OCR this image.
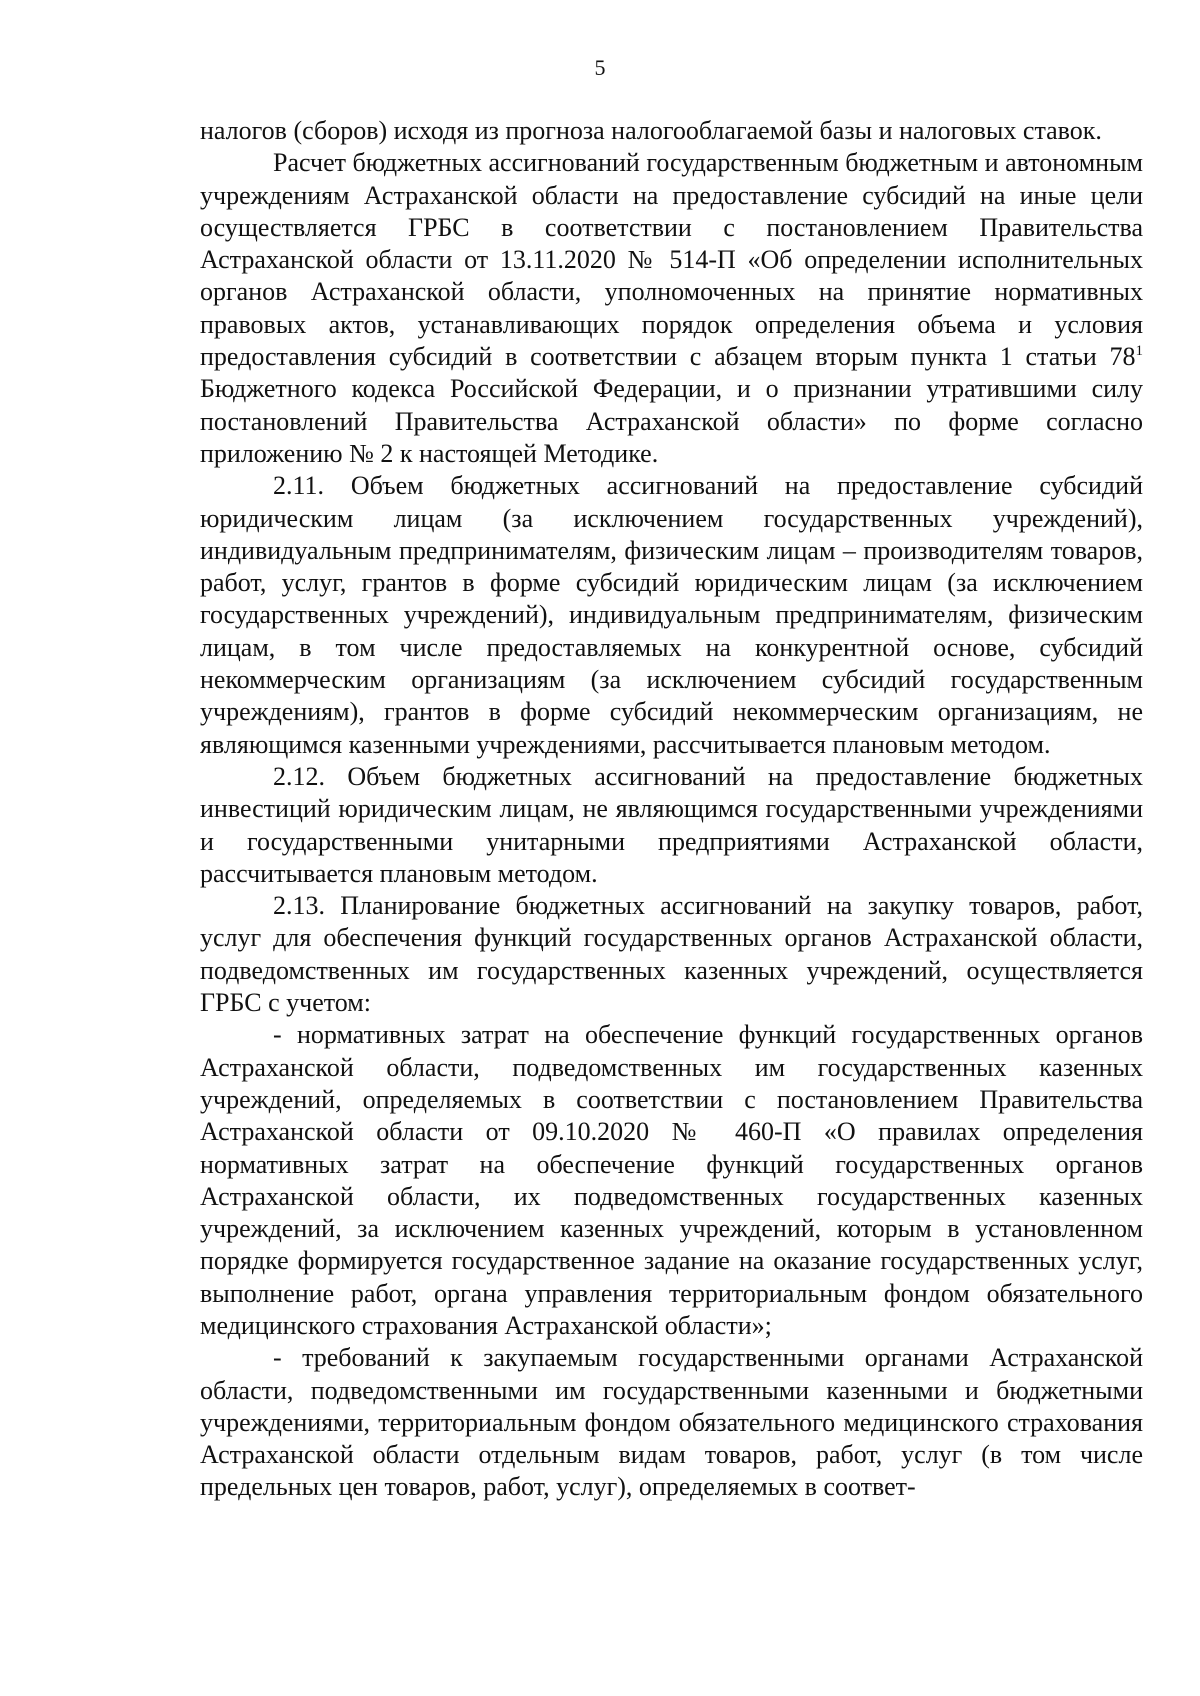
5

налогов (сборов) исходя из прогноза налогооблагаемой базы и налоговых ставок.

Расчет бюджетных ассигнований государственным бюджетным и автономным учреждениям Астраханской области на предоставление субсидий на иные цели осуществляется ГРБС в соответствии с постановлением Правительства Астраханской области от 13.11.2020 № 514-П «Об определении исполнительных органов Астраханской области, уполномоченных на принятие нормативных правовых актов, устанавливающих порядок определения объема и условия предоставления субсидий в соответствии с абзацем вторым пункта 1 статьи $78^1$ Бюджетного кодекса Российской Федерации, и о признании утратившими силу постановлений Правительства Астраханской области» по форме согласно приложению № 2 к настоящей Методике.

2.11. Объем бюджетных ассигнований на предоставление субсидий юридическим лицам (за исключением государственных учреждений), индивидуальным предпринимателям, физическим лицам – производителям товаров, работ, услуг, грантов в форме субсидий юридическим лицам (за исключением государственных учреждений), индивидуальным предпринимателям, физическим лицам, в том числе предоставляемых на конкурентной основе, субсидий некоммерческим организациям (за исключением субсидий государственным учреждениям), грантов в форме субсидий некоммерческим организациям, не являющимся казенными учреждениями, рассчитывается плановым методом.

2.12. Объем бюджетных ассигнований на предоставление бюджетных инвестиций юридическим лицам, не являющимся государственными учреждениями и государственными унитарными предприятиями Астраханской области, рассчитывается плановым методом.

2.13. Планирование бюджетных ассигнований на закупку товаров, работ, услуг для обеспечения функций государственных органов Астраханской области, подведомственных им государственных казенных учреждений, осуществляется ГРБС с учетом:

- нормативных затрат на обеспечение функций государственных органов Астраханской области, подведомственных им государственных казенных учреждений, определяемых в соответствии с постановлением Правительства Астраханской области от 09.10.2020 № 460-П «О правилах определения нормативных затрат на обеспечение функций государственных органов Астраханской области, их подведомственных государственных казенных учреждений, за исключением казенных учреждений, которым в установленном порядке формируется государственное задание на оказание государственных услуг, выполнение работ, органа управления территориальным фондом обязательного медицинского страхования Астраханской области»;

- требований к закупаемым государственными органами Астраханской области, подведомственными им государственными казенными и бюджетными учреждениями, территориальным фондом обязательного медицинского страхования Астраханской области отдельным видам товаров, работ, услуг (в том числе предельных цен товаров, работ, услуг), определяемых в соответ-
